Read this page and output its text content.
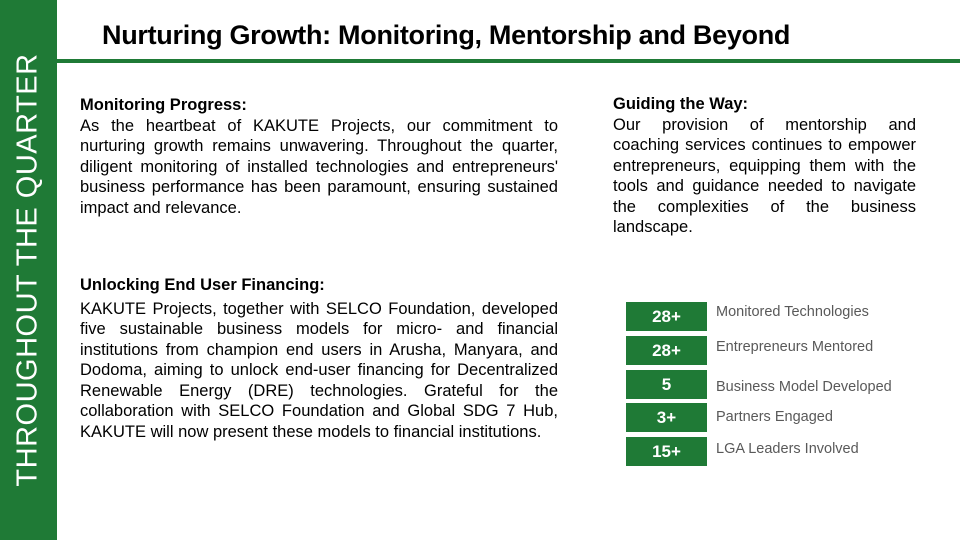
THROUGHOUT THE QUARTER
Nurturing Growth: Monitoring, Mentorship and Beyond
Monitoring Progress:

As the heartbeat of KAKUTE Projects, our commitment to nurturing growth remains unwavering. Throughout the quarter, diligent monitoring of installed technologies and entrepreneurs' business performance has been paramount, ensuring sustained impact and relevance.

Guiding the Way:

Our provision of mentorship and coaching services continues to empower entrepreneurs, equipping them with the tools and guidance needed to navigate the complexities of the business landscape.

Unlocking End User Financing:

KAKUTE Projects, together with SELCO Foundation, developed five sustainable business models for micro- and financial institutions from champion end users in Arusha, Manyara, and Dodoma, aiming to unlock end-user financing for Decentralized Renewable Energy (DRE) technologies. Grateful for the collaboration with SELCO Foundation and Global SDG 7 Hub, KAKUTE will now present these models to financial institutions.

28+	Monitored Technologies
28+	Entrepreneurs Mentored
5	Business Model Developed
3+	Partners Engaged
15+	LGA Leaders Involved
